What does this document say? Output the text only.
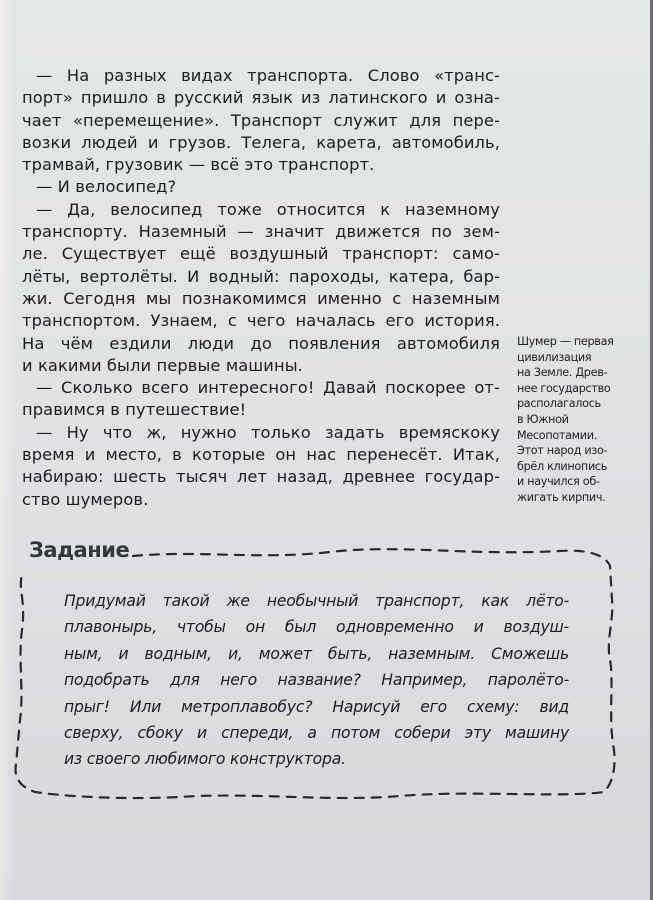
— На разных видах транспорта. Слово «транс-
порт» пришло в русский язык из латинского и озна-
чает «перемещение». Транспорт служит для пере-
возки людей и грузов. Телега, карета, автомобиль,
трамвай, грузовик — всё это транспорт.
— И велосипед?
— Да, велосипед тоже относится к наземному
транспорту. Наземный — значит движется по зем-
ле. Существует ещё воздушный транспорт: само-
лёты, вертолёты. И водный: пароходы, катера, бар-
жи. Сегодня мы познакомимся именно с наземным
транспортом. Узнаем, с чего началась его история.
На чём ездили люди до появления автомобиля
и какими были первые машины.
— Сколько всего интересного! Давай поскорее от-
правимся в путешествие!
— Ну что ж, нужно только задать времяскоку
время и место, в которые он нас перенесёт. Итак,
набираю: шесть тысяч лет назад, древнее государ-
ство шумеров.
Шумер — первая
цивилизация
на Земле. Древ-
нее государство
располагалось
в Южной
Месопотамии.
Этот народ изо-
брёл клинопись
и научился об-
жигать кирпич.
Задание
Придумай такой же необычный транспорт, как лёто-
плавонырь, чтобы он был одновременно и воздуш-
ным, и водным, и, может быть, наземным. Сможешь
подобрать для него название? Например, паролёто-
прыг! Или метроплавобус? Нарисуй его схему: вид
сверху, сбоку и спереди, а потом собери эту машину
из своего любимого конструктора.
